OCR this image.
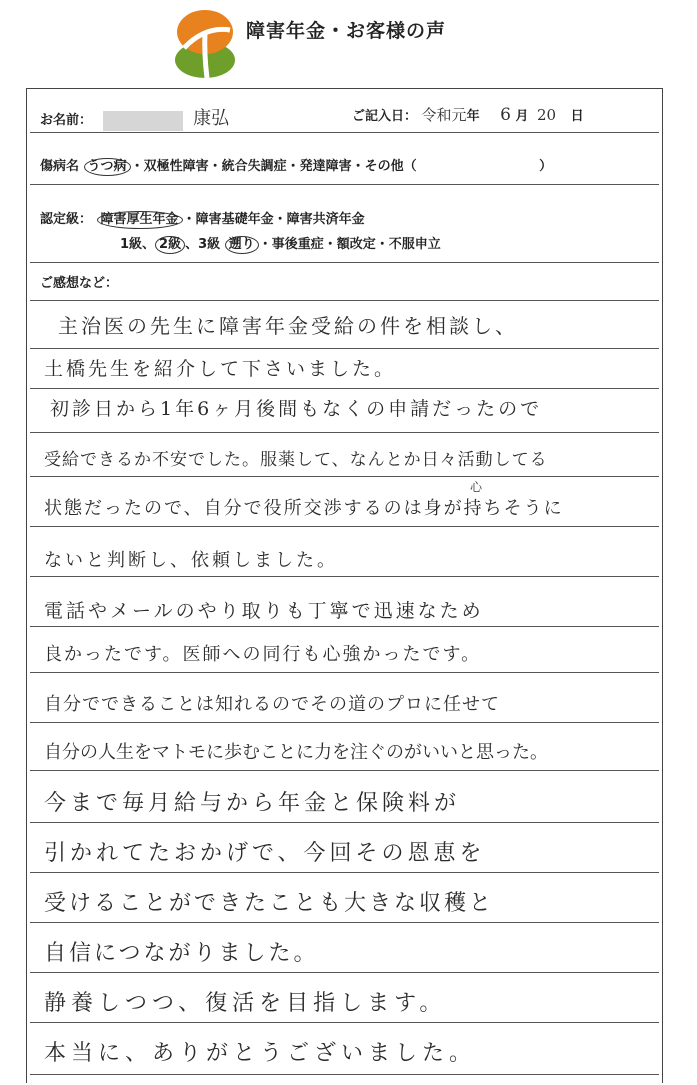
障害年金・お客様の声
お名前：	康弘	ご記入日： 令和元年 6 月 20 日
傷病名 うつ病 ・双極性障害・統合失調症・発達障害・その他（	）
認定級： 障害厚生年金 ・障害基礎年金・障害共済年金
1級、 2級 、3級 遡り ・事後重症・額改定・不服申立
ご感想など：
主治医の先生に障害年金受給の件を相談し、
土橋先生を紹介して下さいました。
初診日から1年6ヶ月後間もなくの申請だったので
受給できるか不安でした。服薬して、なんとか日々活動してる
心
状態だったので、自分で役所交渉するのは身が持ちそうに
ないと判断し、依頼しました。
電話やメールのやり取りも丁寧で迅速なため
良かったです。医師への同行も心強かったです。
自分でできることは知れるのでその道のプロに任せて
自分の人生をマトモに歩むことに力を注ぐのがいいと思った。
今まで毎月給与から年金と保険料が
引かれてたおかげで、今回その恩恵を
受けることができたことも大きな収穫と
自信につながりました。
静養しつつ、復活を目指します。
本当に、ありがとうございました。
